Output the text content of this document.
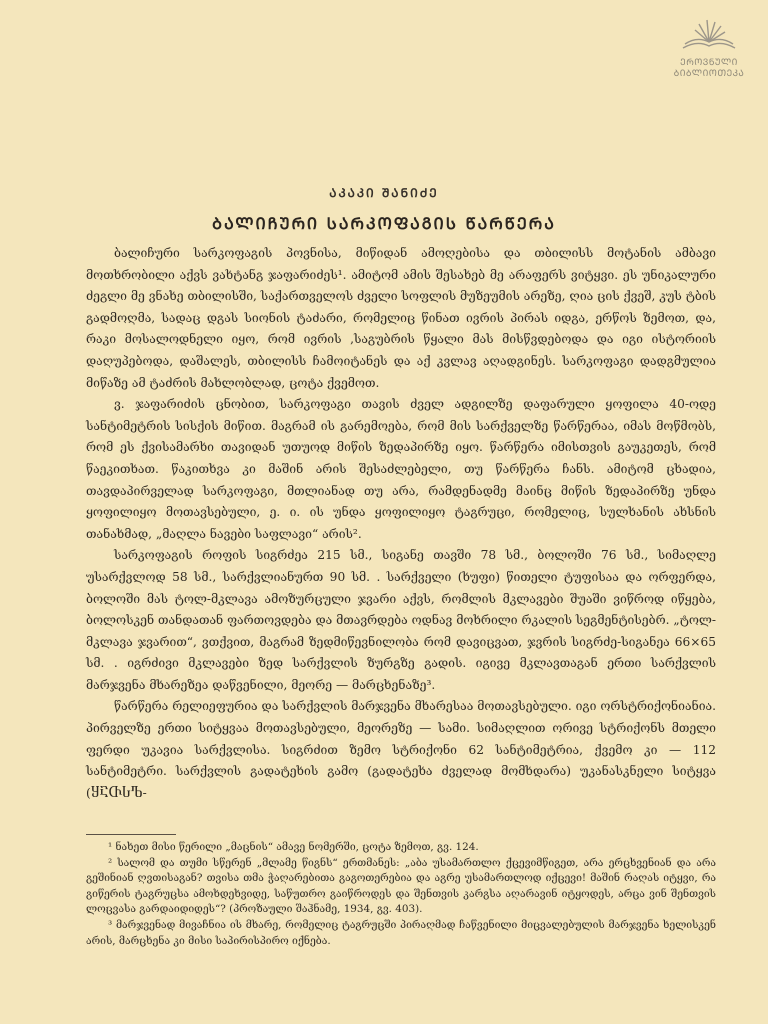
ᲔᲠᲝᲕᲜᲣᲚᲘ
ᲑᲘᲑᲚᲘᲝᲗᲔᲙᲐ
ᲐᲙᲐᲙᲘ ᲨᲐᲜᲘᲫᲔ
ᲑᲐᲚᲘᲩᲣᲠᲘ ᲡᲐᲠᲙᲝᲤᲐᲒᲘᲡ ᲬᲐᲠᲬᲔᲠᲐ

ბალიჩური სარკოფაგის პოვნისა, მიწიდან ამოღებისა და თბილისს მოტანის ამბავი მოთხრობილი აქვს ვახტანგ ჯაფარიძეს¹. ამიტომ ამის შესახებ მე არაფერს ვიტყვი. ეს უნიკალური ძეგლი მე ვნახე თბილისში, საქართველოს ძველი სოფლის მუზეუმის არეზე, ღია ცის ქვეშ, კუს ტბის გადმოღმა, სადაც დგას სიონის ტაძარი, რომელიც წინათ ივრის პირას იდგა, ერწოს ზემოთ, და, რაკი მოსალოდნელი იყო, რომ ივრის ,საგუბრის წყალი მას მისწვდებოდა და იგი ისტორიის დაღუპებოდა, დაშალეს, თბილისს ჩამოიტანეს და აქ კვლავ აღადგინეს. სარკოფაგი დადგმულია მიწაზე ამ ტაძრის მახლობლად, ცოტა ქვემოთ.

ვ. ჯაფარიძის ცნობით, სარკოფაგი თავის ძველ ადგილზე დაფარული ყოფილა 40-ოდე სანტიმეტრის სისქის მიწით. მაგრამ ის გარემოება, რომ მის სარქველზე წარწერაა, იმას მოწმობს, რომ ეს ქვისამარხი თავიდან უთუოდ მიწის ზედაპირზე იყო. წარწერა იმისთვის გაუკეთეს, რომ წაეკითხათ. წაკითხვა კი მაშინ არის შესაძლებელი, თუ წარწერა ჩანს. ამიტომ ცხადია, თავდაპირველად სარკოფაგი, მთლიანად თუ არა, რამდენადმე მაინც მიწის ზედაპირზე უნდა ყოფილიყო მოთავსებული, ე. ი. ის უნდა ყოფილიყო ტაგრუცი, რომელიც, სულხანის ახსნის თანახმად, „მაღლა ნავები საფლავი“ არის².

სარკოფაგის როფის სიგრძეა 215 სმ., სიგანე თავში 78 სმ., ბოლოში 76 სმ., სიმაღლე უსარქვლოდ 58 სმ., სარქვლიანურთ 90 სმ. . სარქველი (ხუფი) წითელი ტუფისაა და ორფერდა, ბოლოში მას ტოლ-მკლავა ამოზურცული ჯვარი აქვს, რომლის მკლავები შუაში ვიწროდ იწყება, ბოლოსკენ თანდათან ფართოვდება და მთავრდება ოდნავ მოხრილი რკალის სეგმენტისებრ. „ტოლ-მკლავა ჯვარით“, ვთქვით, მაგრამ ზედმიწევნილობა რომ დავიცვათ, ჯვრის სიგრძე-სიგანეა 66×65 სმ. . იგრძივი მკლავები ზედ სარქვლის ზურგზე გადის. იგივე მკლავთაგან ერთი სარქვლის მარჯვენა მხარეზეა დაწვენილი, მეორე — მარცხენაზე³.

წარწერა რელიეფურია და სარქვლის მარჯვენა მხარესაა მოთავსებული. იგი ორსტრიქონიანია. პირველზე ერთი სიტყვაა მოთავსებული, მეორეზე — სამი. სიმაღლით ორივე სტრიქონს მთელი ფერდი უკავია სარქვლისა. სიგრძით ზემო სტრიქონი 62 სანტიმეტრია, ქვემო კი — 112 სანტიმეტრი. სარქვლის გადატეხის გამო (გადატეხა ძველად მომხდარა) უკანასკნელი სიტყვა (ႸႠႧႱႪ-

¹ ნახეთ მისი წერილი „მაცნის“ ამავე ნომერში, ცოტა ზემოთ, გვ. 124.

² სალომ და თუმი სწერენ „მლამე წიგნს“ ერთმანეს: „აბა უსამართლო ქცევიმწიგეთ, არა ერცხვენიან და არა გეშინიან ღვთისაგან? თვისა თმა ჭაღარებითა გაგოთერებია და აგრე უსამართლოდ იქცევი! მაშინ რაღას იტყვი, რა გიწერის ტაგრუცსა ამოხდეხვიდე, საწუთრო გაიწროდეს და შენთვის კარგსა აღარავინ იტყოდეს, არცა ვინ შენთვის ლოცვასა გარდაიდიდეს“? (პროზაული შაჰნამე, 1934, გვ. 403).

³ მარჯვენად მივაჩნია ის მხარე, რომელიც ტაგრუცში პირაღმად ჩაწვენილი მიცვალებულის მარჯვენა ხელისკენ არის, მარცხენა კი მისი საპირისპირო იქნება.
